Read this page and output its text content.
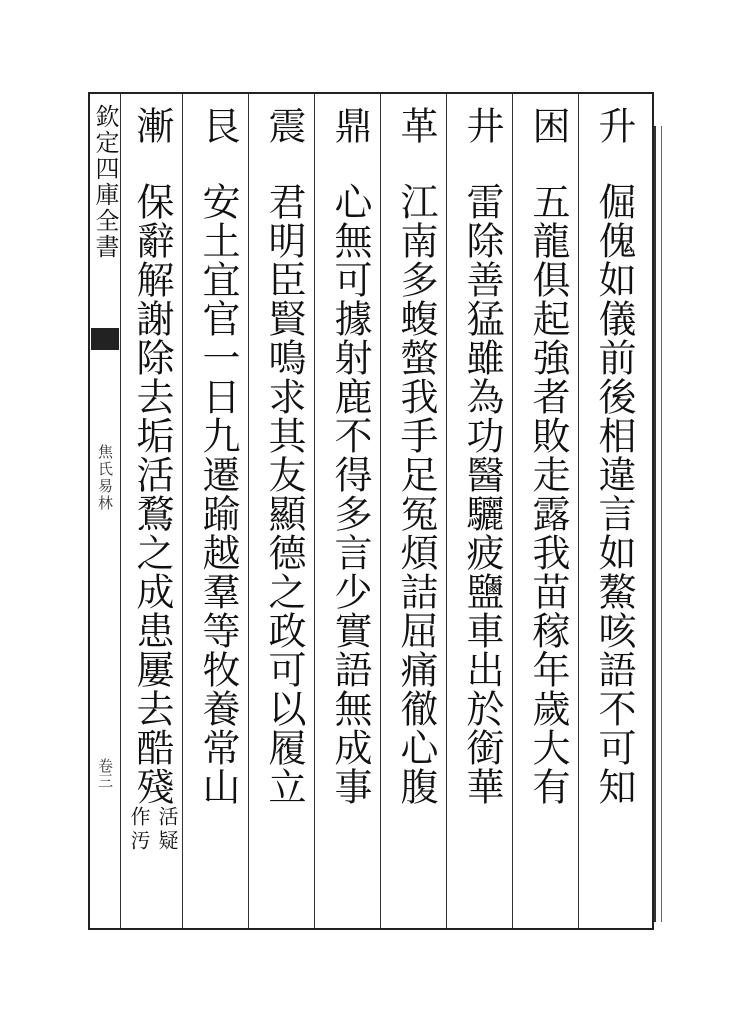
欽定四庫全書
焦氏易林
卷三
升
倔傀如儀前後相違言如鰲咳語不可知
困
五龍俱起強者敗走露我苗稼年歲大有
井
雷除善猛雖為功醫驪疲鹽車出於銜華
革
江南多蝮螫我手足冤煩詰屈痛徹心腹
鼎
心無可據射鹿不得多言少實語無成事
震
君明臣賢鳴求其友顯德之政可以履立
艮
安土宜官一日九遷踰越羣等牧養常山
漸
保辭解謝除去垢活鶩之成患屢去酷殘
活疑
作汚
